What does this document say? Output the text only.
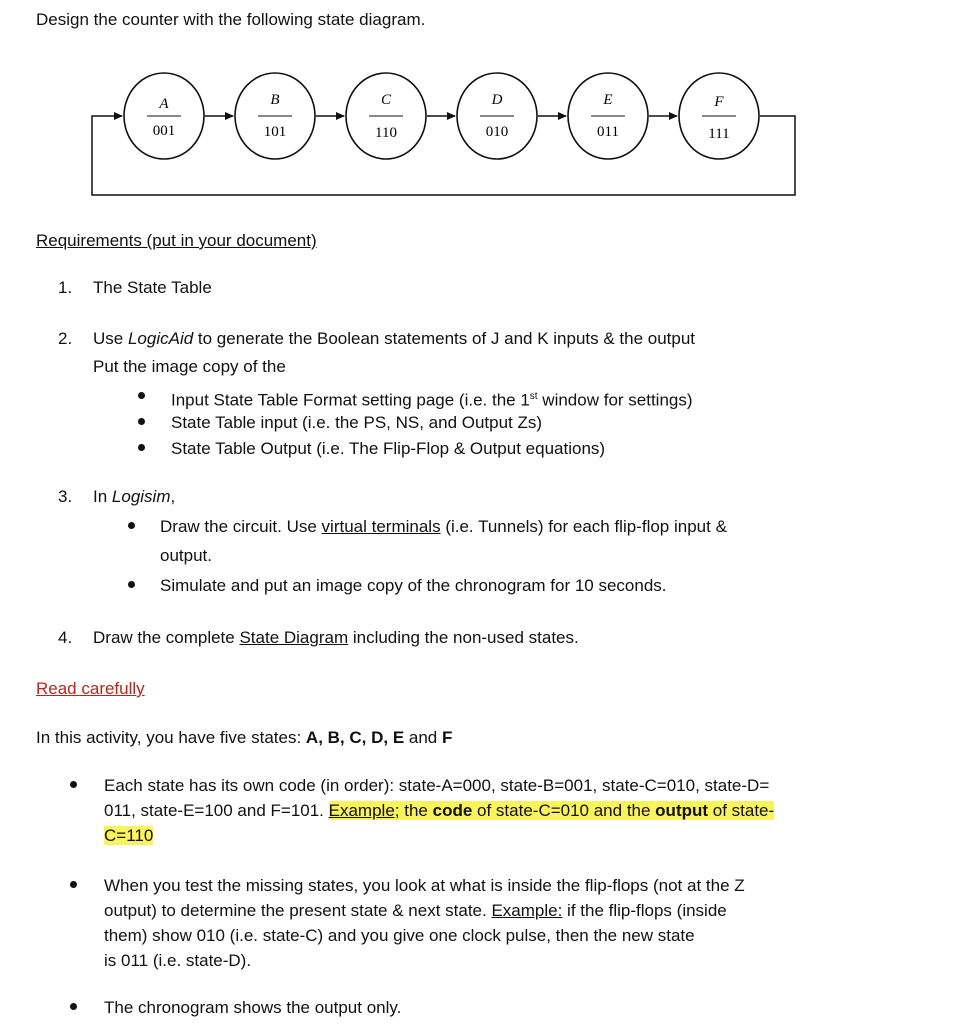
Design the counter with the following state diagram.
A
001
B
101
C
110
D
010
E
011
F
111
Requirements (put in your document)
1. The State Table
2. Use LogicAid to generate the Boolean statements of J and K inputs & the output
Put the image copy of the
Input State Table Format setting page (i.e. the 1st window for settings)
State Table input (i.e. the PS, NS, and Output Zs)
State Table Output (i.e. The Flip-Flop & Output equations)
3. In Logisim,
Draw the circuit. Use virtual terminals (i.e. Tunnels) for each flip-flop input &
output.
Simulate and put an image copy of the chronogram for 10 seconds.
4. Draw the complete State Diagram including the non-used states.
Read carefully
In this activity, you have five states: A, B, C, D, E and F
Each state has its own code (in order): state-A=000, state-B=001, state-C=010, state-D=
011, state-E=100 and F=101. Example; the code of state-C=010 and the output of state-
C=110
When you test the missing states, you look at what is inside the flip-flops (not at the Z
output) to determine the present state & next state. Example: if the flip-flops (inside
them) show 010 (i.e. state-C) and you give one clock pulse, then the new state
is 011 (i.e. state-D).
The chronogram shows the output only.
